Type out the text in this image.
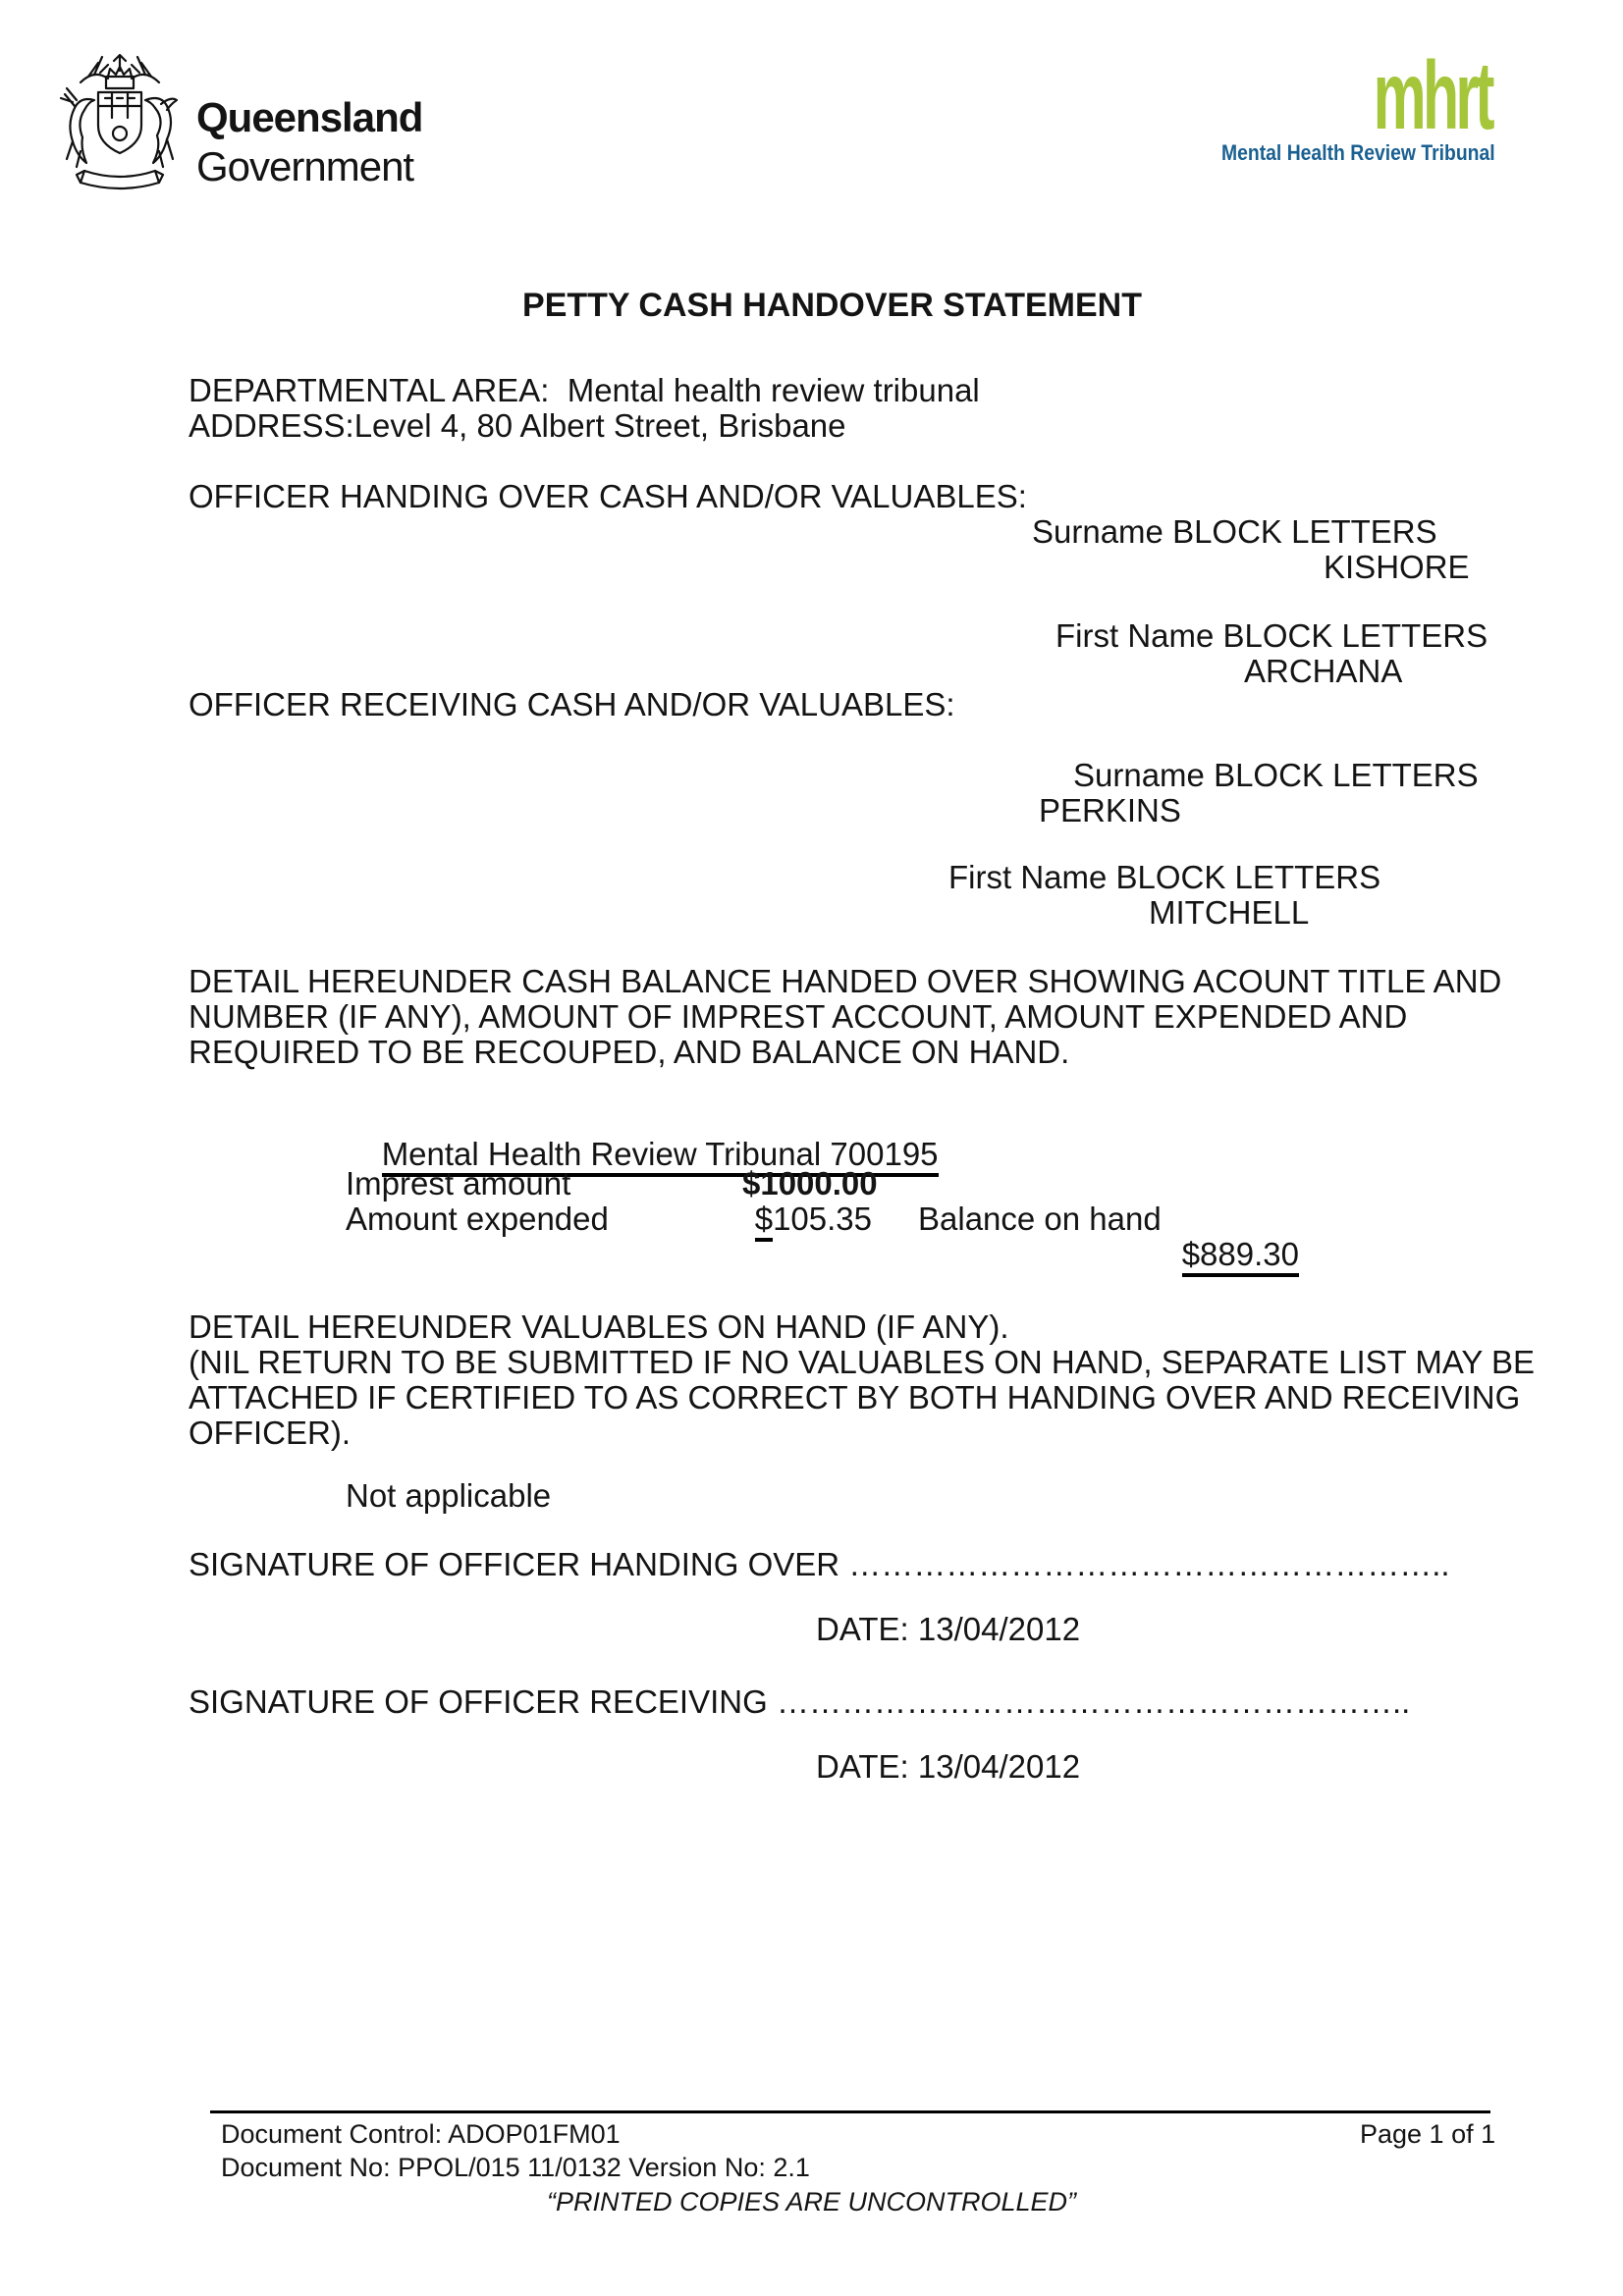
Queensland
Government
mhrt
Mental Health Review Tribunal
PETTY CASH HANDOVER STATEMENT
DEPARTMENTAL AREA:  Mental health review tribunal
ADDRESS:Level 4, 80 Albert Street, Brisbane
OFFICER HANDING OVER CASH AND/OR VALUABLES:
Surname BLOCK LETTERS
KISHORE
First Name BLOCK LETTERS
ARCHANA
OFFICER RECEIVING CASH AND/OR VALUABLES:
Surname BLOCK LETTERS
PERKINS
First Name BLOCK LETTERS
MITCHELL
DETAIL HEREUNDER CASH BALANCE HANDED OVER SHOWING ACOUNT TITLE AND
NUMBER (IF ANY), AMOUNT OF IMPREST ACCOUNT, AMOUNT EXPENDED AND
REQUIRED TO BE RECOUPED, AND BALANCE ON HAND.

Mental Health Review Tribunal 700195

Imprest amount	$1000.00
Amount expended	$105.35 Balance on hand

$889.30

DETAIL HEREUNDER VALUABLES ON HAND (IF ANY).
(NIL RETURN TO BE SUBMITTED IF NO VALUABLES ON HAND, SEPARATE LIST MAY BE
ATTACHED IF CERTIFIED TO AS CORRECT BY BOTH HANDING OVER AND RECEIVING
OFFICER).
Not applicable
SIGNATURE OF OFFICER HANDING OVER ………………………………………………..
DATE: 13/04/2012
SIGNATURE OF OFFICER RECEIVING …………………………………………………..
DATE: 13/04/2012
Document Control: ADOP01FM01	Page 1 of 1
Document No: PPOL/015 11/0132 Version No: 2.1
“PRINTED COPIES ARE UNCONTROLLED”
